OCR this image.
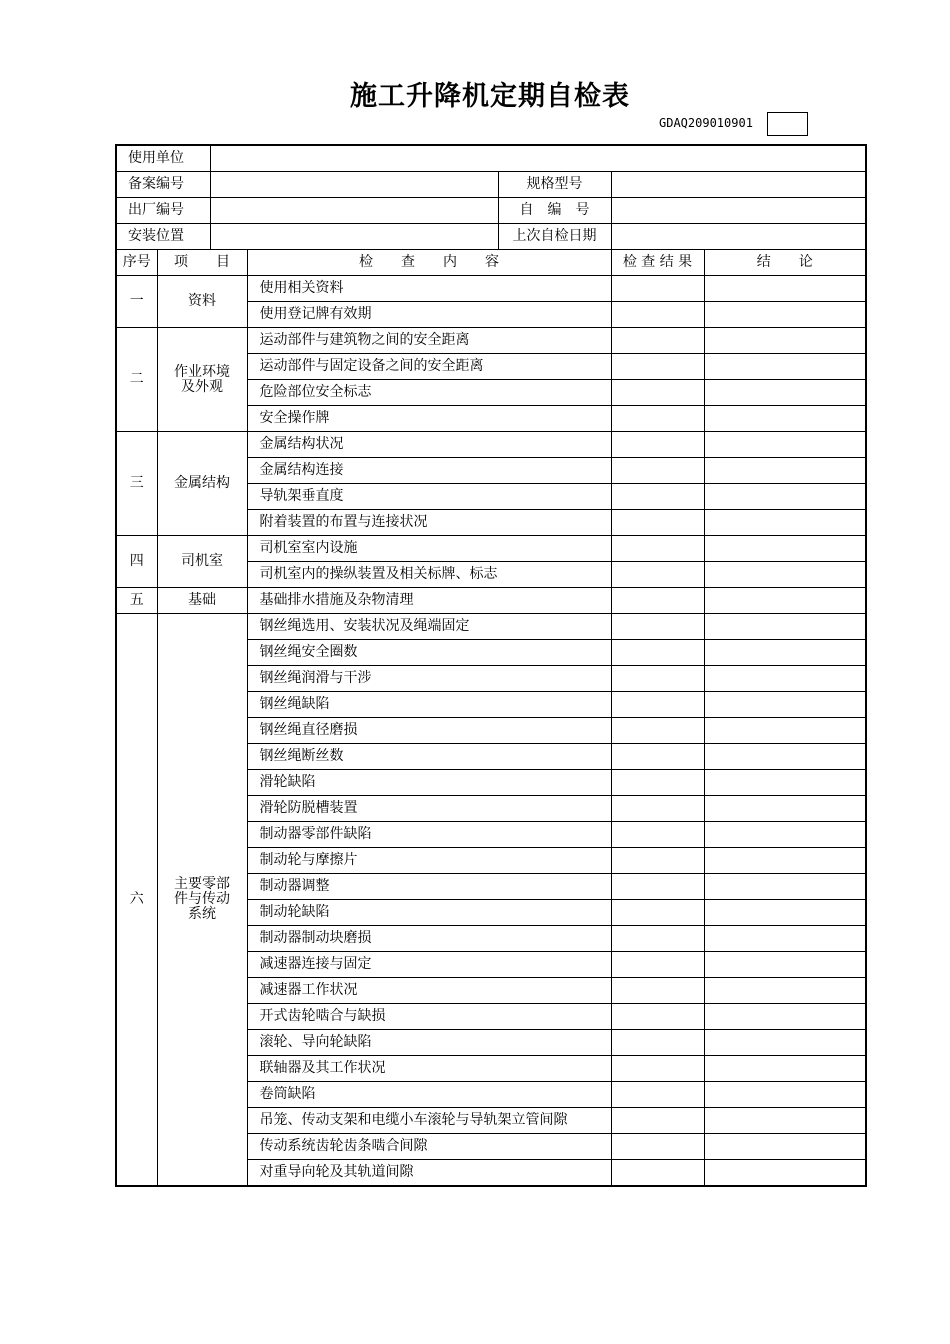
施工升降机定期自检表
GDAQ209010901
使用单位						
备案编号				规格型号		
出厂编号				自　编　号		
安装位置				上次自检日期		
序号	项　　目		检　　查　　内　　容		检 查 结 果	结　　论
一	资料		使用相关资料			
			使用登记牌有效期			
二	作业环境及外观		运动部件与建筑物之间的安全距离			
			运动部件与固定设备之间的安全距离			
			危险部位安全标志			
			安全操作牌			
三	金属结构		金属结构状况			
			金属结构连接			
			导轨架垂直度			
			附着装置的布置与连接状况			
四	司机室		司机室室内设施			
			司机室内的操纵装置及相关标牌、标志			
五	基础		基础排水措施及杂物清理			
六	主要零部件与传动系统		钢丝绳选用、安装状况及绳端固定			
			钢丝绳安全圈数			
			钢丝绳润滑与干涉			
			钢丝绳缺陷			
			钢丝绳直径磨损			
			钢丝绳断丝数			
			滑轮缺陷			
			滑轮防脱槽装置			
			制动器零部件缺陷			
			制动轮与摩擦片			
			制动器调整			
			制动轮缺陷			
			制动器制动块磨损			
			减速器连接与固定			
			减速器工作状况			
			开式齿轮啮合与缺损			
			滚轮、导向轮缺陷			
			联轴器及其工作状况			
			卷筒缺陷			
			吊笼、传动支架和电缆小车滚轮与导轨架立管间隙			
			传动系统齿轮齿条啮合间隙			
			对重导向轮及其轨道间隙			
